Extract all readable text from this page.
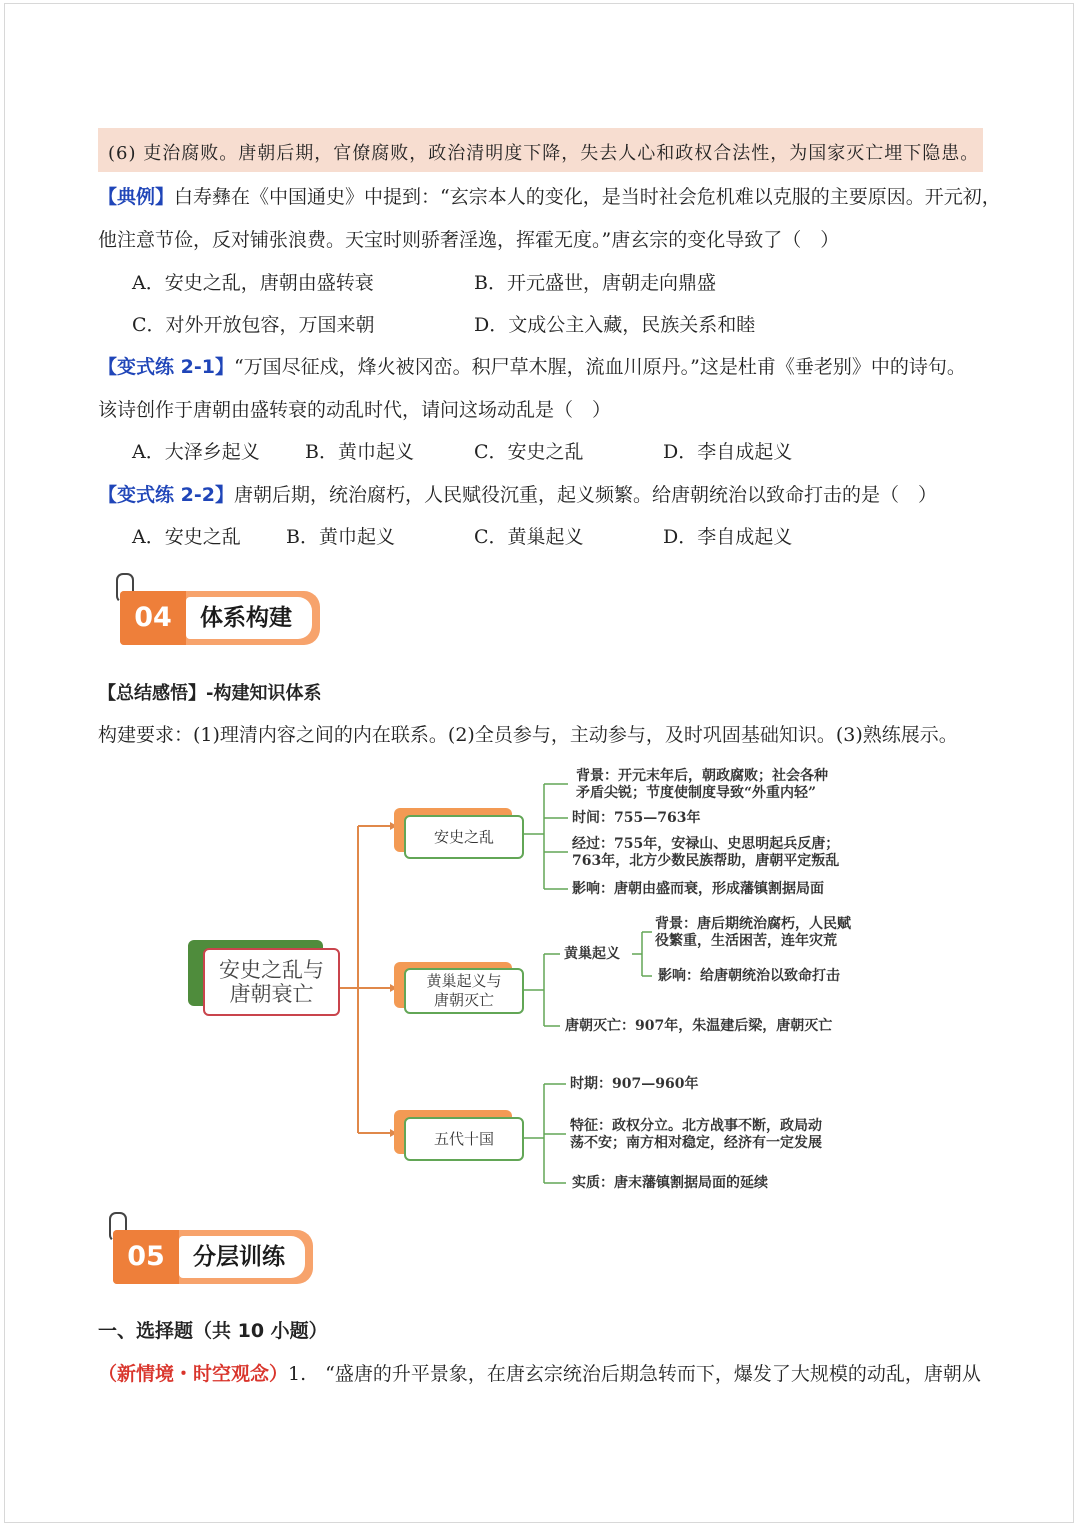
(6) 吏治腐败。唐朝后期，官僚腐败，政治清明度下降，失去人心和政权合法性，为国家灭亡埋下隐患。
【典例】白寿彝在《中国通史》中提到：“玄宗本人的变化，是当时社会危机难以克服的主要原因。开元初，
他注意节俭，反对铺张浪费。天宝时则骄奢淫逸，挥霍无度。”唐玄宗的变化导致了（　）
A．安史之乱，唐朝由盛转衰	B．开元盛世，唐朝走向鼎盛
C．对外开放包容，万国来朝	D．文成公主入藏，民族关系和睦
【变式练 2-1】“万国尽征戍，烽火被冈峦。积尸草木腥，流血川原丹。”这是杜甫《垂老别》中的诗句。
该诗创作于唐朝由盛转衰的动乱时代，请问这场动乱是（　）
A．大泽乡起义 B．黄巾起义	C．安史之乱	D．李自成起义
【变式练 2-2】唐朝后期，统治腐朽，人民赋役沉重，起义频繁。给唐朝统治以致命打击的是（　）
A．安史之乱 B．黄巾起义	C．黄巢起义	D．李自成起义
04	体系构建
【总结感悟】-构建知识体系
构建要求：(1)理清内容之间的内在联系。(2)全员参与，主动参与，及时巩固基础知识。(3)熟练展示。
安史之乱与
唐朝衰亡
安史之乱
背景：开元末年后，朝政腐败；社会各种
矛盾尖锐；节度使制度导致“外重内轻”
时间：755—763年
经过：755年，安禄山、史思明起兵反唐；
763年，北方少数民族帮助，唐朝平定叛乱
影响：唐朝由盛而衰，形成藩镇割据局面
黄巢起义与
唐朝灭亡
黄巢起义
背景：唐后期统治腐朽，人民赋
役繁重，生活困苦，连年灾荒
影响：给唐朝统治以致命打击
唐朝灭亡：907年，朱温建后梁，唐朝灭亡
五代十国
时期：907—960年
特征：政权分立。北方战事不断，政局动
荡不安；南方相对稳定，经济有一定发展
实质：唐末藩镇割据局面的延续
05	分层训练
一、选择题（共 10 小题）
（新情境・时空观念）1.　“盛唐的升平景象，在唐玄宗统治后期急转而下，爆发了大规模的动乱，唐朝从
